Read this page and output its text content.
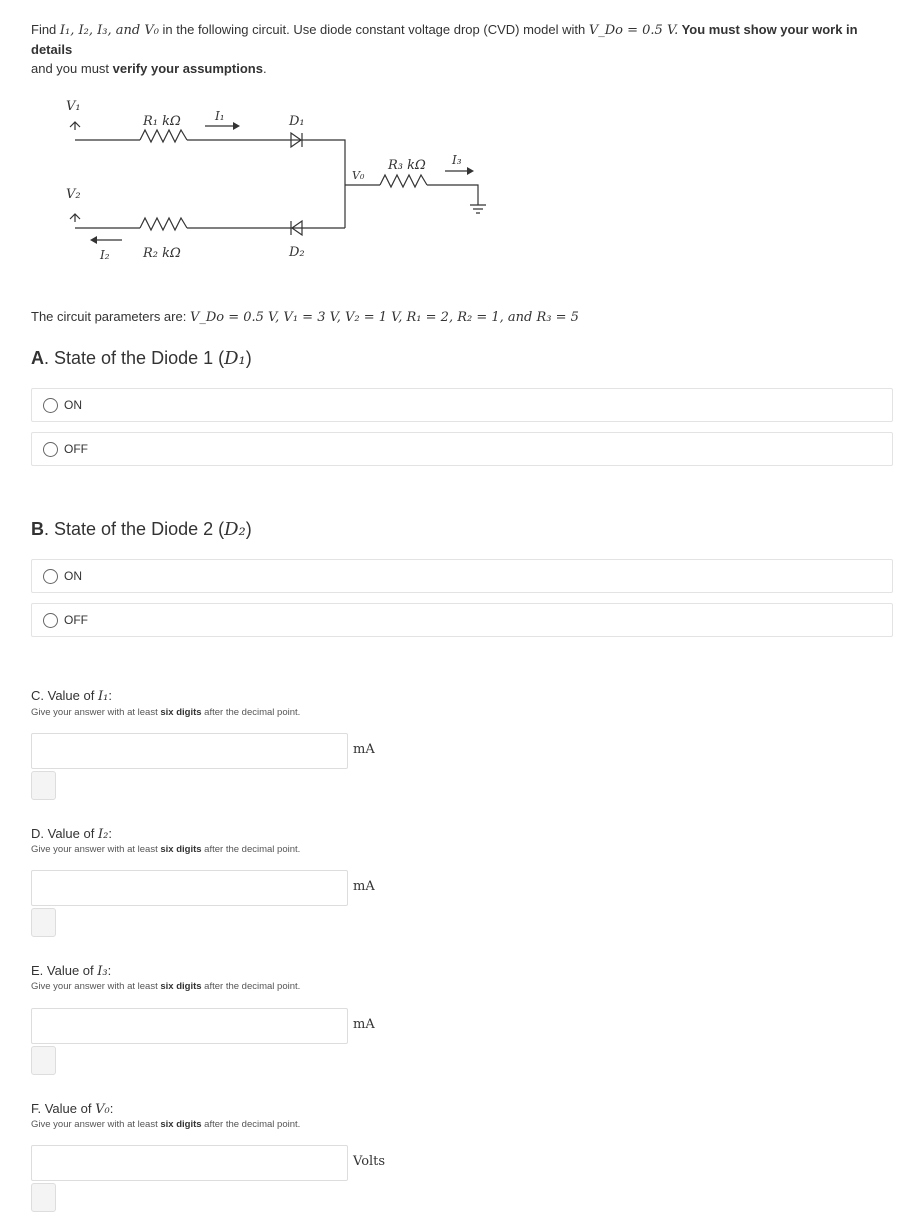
Find I₁, I₂, I₃, and V₀ in the following circuit. Use diode constant voltage drop (CVD) model with V_Do = 0.5 V. You must show your work in details
and you must verify your assumptions.
V₁
V₂
R₁ kΩ
R₂ kΩ
R₃ kΩ
I₁
I₃
I₂
D₁
D₂
V₀
The circuit parameters are: V_Do = 0.5 V, V₁ = 3 V, V₂ = 1 V, R₁ = 2, R₂ = 1, and R₃ = 5
A. State of the Diode 1 (D₁)
ON
OFF
B. State of the Diode 2 (D₂)
ON
OFF
C. Value of I₁:
Give your answer with at least six digits after the decimal point.
mA
D. Value of I₂:
Give your answer with at least six digits after the decimal point.
mA
E. Value of I₃:
Give your answer with at least six digits after the decimal point.
mA
F. Value of V₀:
Give your answer with at least six digits after the decimal point.
Volts
